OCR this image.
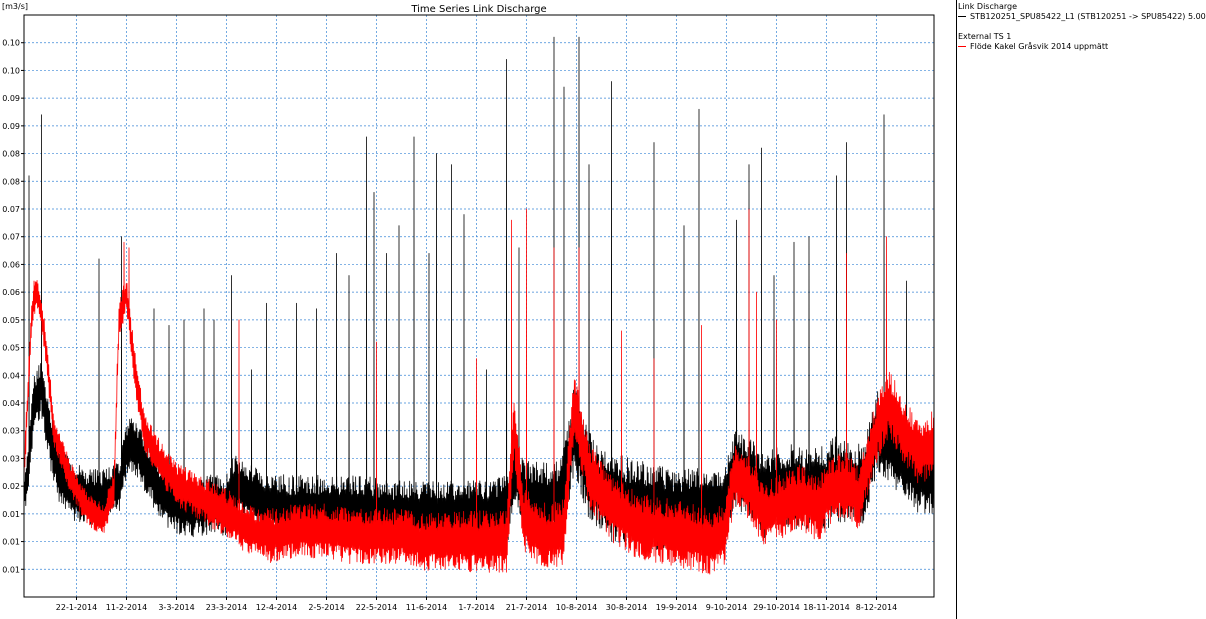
0.01
0.01
0.01
0.02
0.03
0.03
0.04
0.04
0.05
0.05
0.06
0.06
0.07
0.07
0.08
0.08
0.09
0.09
0.10
0.10
22-1-2014 11-2-2014 3-3-2014 23-3-2014 12-4-2014 2-5-2014 22-5-2014 11-6-2014 1-7-2014 21-7-2014 10-8-2014 30-8-2014 19-9-2014 9-10-2014 29-10-2014 18-11-2014 8-12-2014
Time Series Link Discharge
[m3/s]	Link Discharge
STB120251_SPU85422_L1 (STB120251 -> SPU85422) 5.00
External TS 1
Flöde Kakel Gråsvik 2014 uppmätt
